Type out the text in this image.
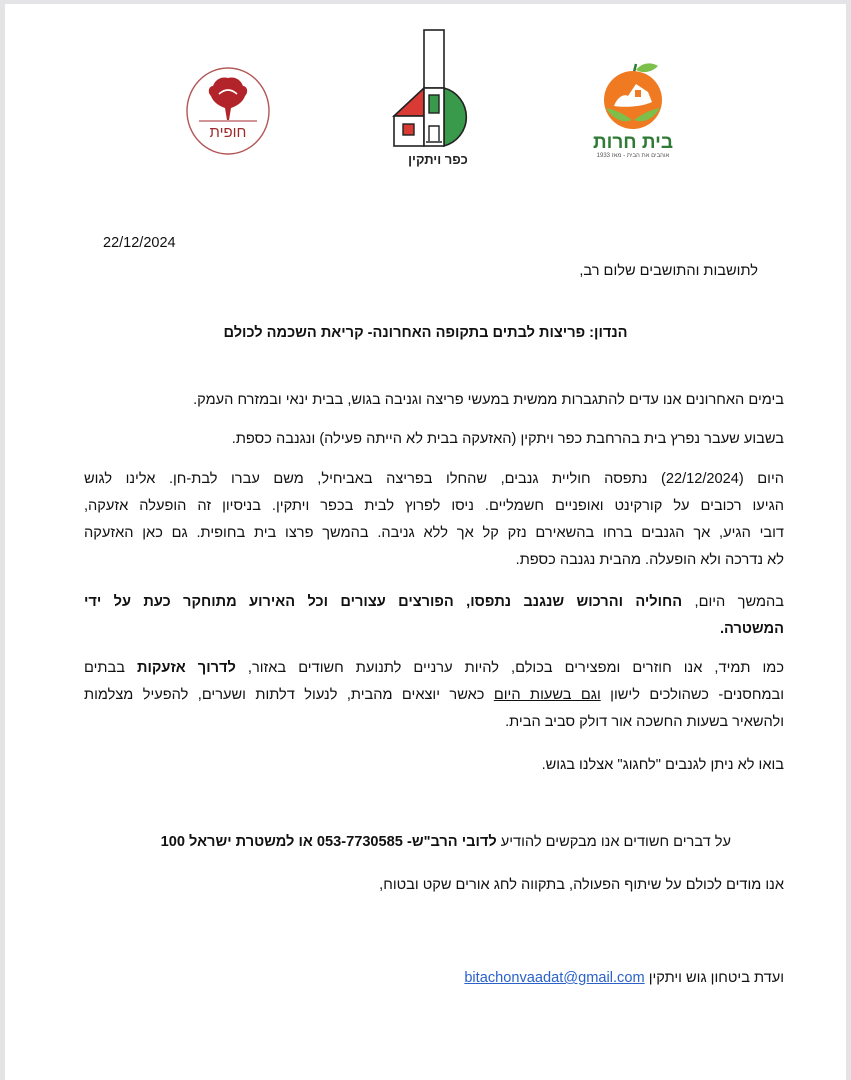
חופית
כפר ויתקין
בית חרות
אוהבים את הבית - מאז 1933
22/12/2024
לתושבות והתושבים שלום רב,
הנדון: פריצות לבתים בתקופה האחרונה- קריאת השכמה לכולם
בימים האחרונים אנו עדים להתגברות ממשית במעשי פריצה וגניבה בגוש, בבית ינאי ובמזרח העמק.
בשבוע שעבר נפרץ בית בהרחבת כפר ויתקין (האזעקה בבית לא הייתה פעילה) ונגנבה כספת.
היום (22/12/2024) נתפסה חוליית גנבים, שהחלו בפריצה באביחיל, משם עברו לבת-חן. אלינו לגוש
הגיעו רכובים על קורקינט ואופניים חשמליים. ניסו לפרוץ לבית בכפר ויתקין. בניסיון זה הופעלה אזעקה,
דובי הגיע, אך הגנבים ברחו בהשאירם נזק קל אך ללא גניבה. בהמשך פרצו בית בחופית. גם כאן האזעקה
לא נדרכה ולא הופעלה. מהבית נגנבה כספת.
בהמשך היום, החוליה והרכוש שנגנב נתפסו, הפורצים עצורים וכל האירוע מתוחקר כעת על ידי
המשטרה.
כמו תמיד, אנו חוזרים ומפצירים בכולם, להיות ערניים לתנועת חשודים באזור, לדרוך אזעקות בבתים
ובמחסנים- כשהולכים לישון וגם בשעות היום כאשר יוצאים מהבית, לנעול דלתות ושערים, להפעיל מצלמות
ולהשאיר בשעות החשכה אור דולק סביב הבית.
בואו לא ניתן לגנבים "לחגוג" אצלנו בגוש.
על דברים חשודים אנו מבקשים להודיע לדובי הרב"ש- 053-7730585 או למשטרת ישראל 100
אנו מודים לכולם על שיתוף הפעולה, בתקווה לחג אורים שקט ובטוח,
ועדת ביטחון גוש ויתקין bitachonvaadat@gmail.com
